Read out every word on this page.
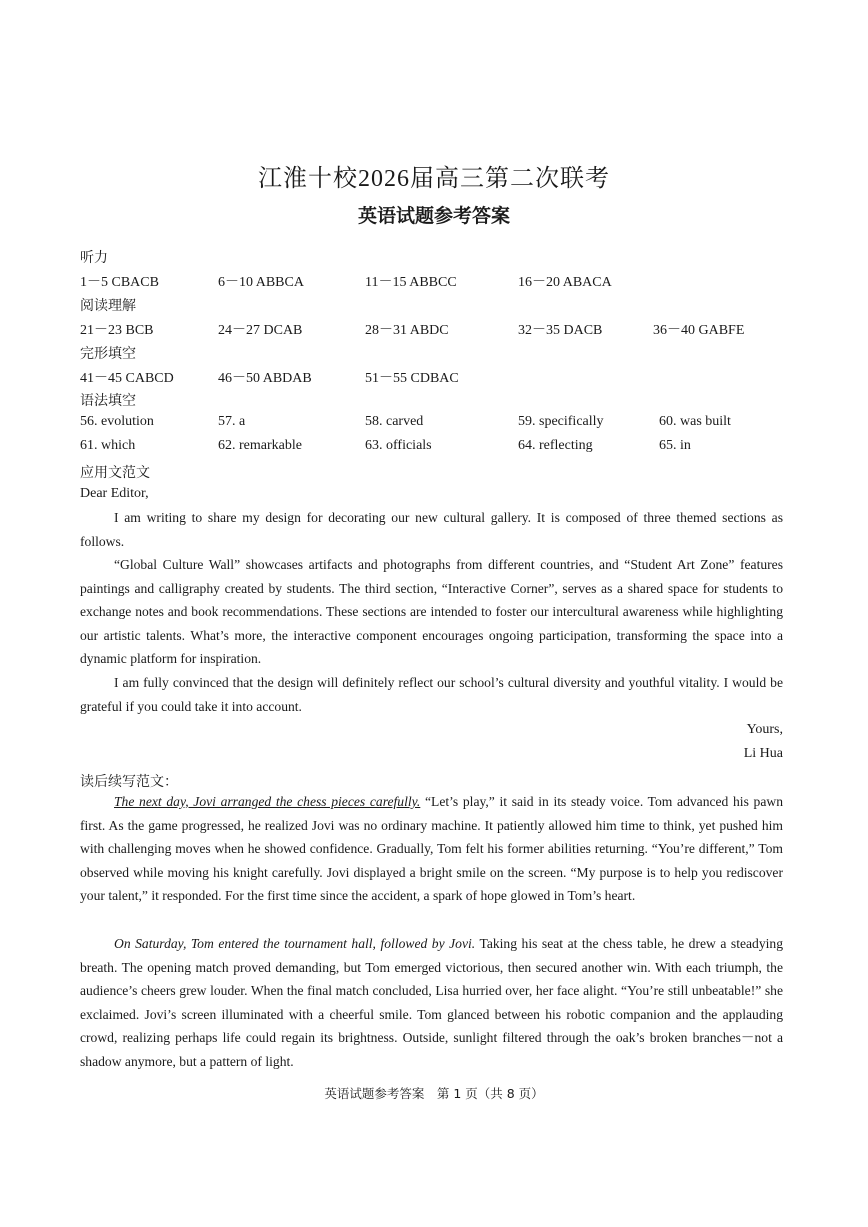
江淮十校2026届高三第二次联考
英语试题参考答案
听力
1－5 CBACB	6－10 ABBCA	11－15 ABBCC	16－20 ABACA
阅读理解
21－23 BCB	24－27 DCAB	28－31 ABDC	32－35 DACB	36－40 GABFE
完形填空
41－45 CABCD	46－50 ABDAB	51－55 CDBAC
语法填空
56. evolution	57. a	58. carved	59. specifically	60. was built
61. which	62. remarkable	63. officials	64. reflecting	65. in
应用文范文
Dear Editor,

I am writing to share my design for decorating our new cultural gallery. It is composed of three themed sections as follows.

“Global Culture Wall” showcases artifacts and photographs from different countries, and “Student Art Zone” features paintings and calligraphy created by students. The third section, “Interactive Corner”, serves as a shared space for students to exchange notes and book recommendations. These sections are intended to foster our intercultural awareness while highlighting our artistic talents. What’s more, the interactive component encourages ongoing participation, transforming the space into a dynamic platform for inspiration.

I am fully convinced that the design will definitely reflect our school’s cultural diversity and youthful vitality. I would be grateful if you could take it into account.

Yours,
Li Hua
读后续写范文：

The next day, Jovi arranged the chess pieces carefully. “Let’s play,” it said in its steady voice. Tom advanced his pawn first. As the game progressed, he realized Jovi was no ordinary machine. It patiently allowed him time to think, yet pushed him with challenging moves when he showed confidence. Gradually, Tom felt his former abilities returning. “You’re different,” Tom observed while moving his knight carefully. Jovi displayed a bright smile on the screen. “My purpose is to help you rediscover your talent,” it responded. For the first time since the accident, a spark of hope glowed in Tom’s heart.

On Saturday, Tom entered the tournament hall, followed by Jovi. Taking his seat at the chess table, he drew a steadying breath. The opening match proved demanding, but Tom emerged victorious, then secured another win. With each triumph, the audience’s cheers grew louder. When the final match concluded, Lisa hurried over, her face alight. “You’re still unbeatable!” she exclaimed. Jovi’s screen illuminated with a cheerful smile. Tom glanced between his robotic companion and the applauding crowd, realizing perhaps life could regain its brightness. Outside, sunlight filtered through the oak’s broken branches－not a shadow anymore, but a pattern of light.

英语试题参考答案　第 1 页（共 8 页）
